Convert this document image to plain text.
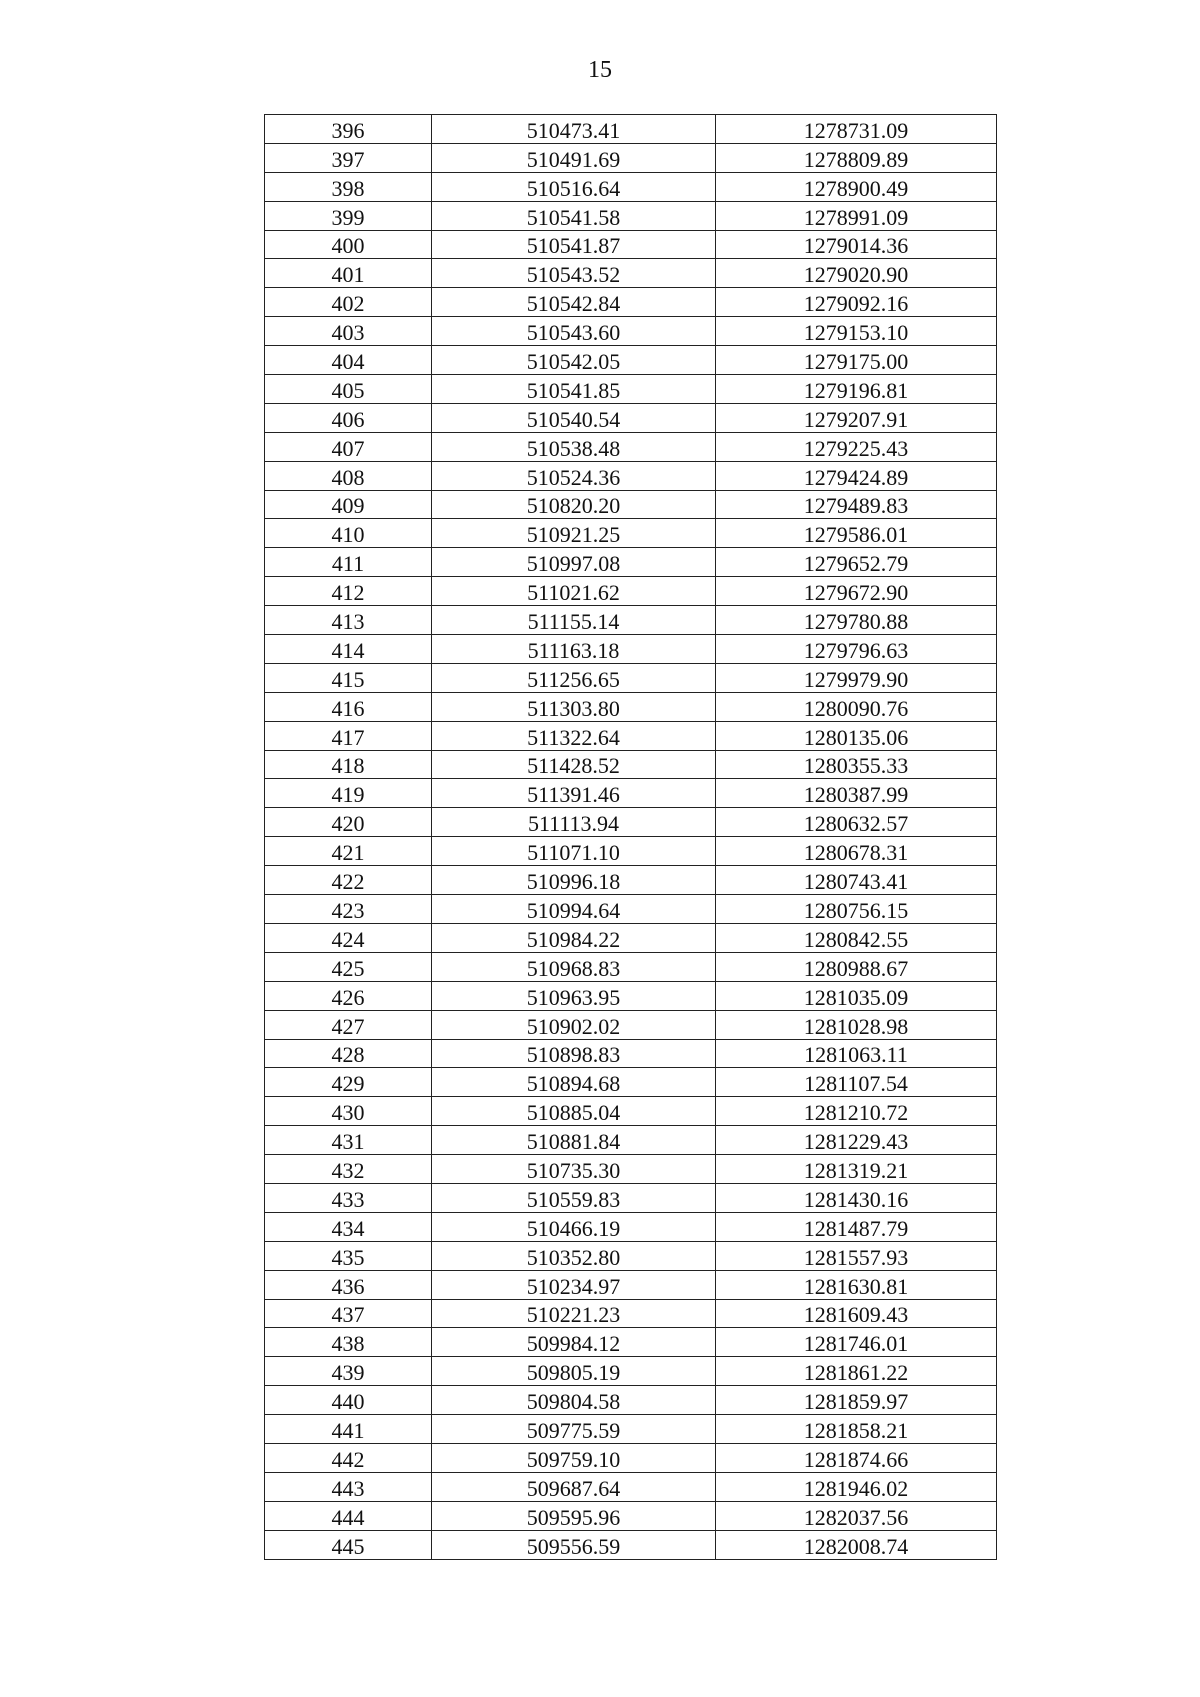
15
396	510473.41	1278731.09
397	510491.69	1278809.89
398	510516.64	1278900.49
399	510541.58	1278991.09
400	510541.87	1279014.36
401	510543.52	1279020.90
402	510542.84	1279092.16
403	510543.60	1279153.10
404	510542.05	1279175.00
405	510541.85	1279196.81
406	510540.54	1279207.91
407	510538.48	1279225.43
408	510524.36	1279424.89
409	510820.20	1279489.83
410	510921.25	1279586.01
411	510997.08	1279652.79
412	511021.62	1279672.90
413	511155.14	1279780.88
414	511163.18	1279796.63
415	511256.65	1279979.90
416	511303.80	1280090.76
417	511322.64	1280135.06
418	511428.52	1280355.33
419	511391.46	1280387.99
420	511113.94	1280632.57
421	511071.10	1280678.31
422	510996.18	1280743.41
423	510994.64	1280756.15
424	510984.22	1280842.55
425	510968.83	1280988.67
426	510963.95	1281035.09
427	510902.02	1281028.98
428	510898.83	1281063.11
429	510894.68	1281107.54
430	510885.04	1281210.72
431	510881.84	1281229.43
432	510735.30	1281319.21
433	510559.83	1281430.16
434	510466.19	1281487.79
435	510352.80	1281557.93
436	510234.97	1281630.81
437	510221.23	1281609.43
438	509984.12	1281746.01
439	509805.19	1281861.22
440	509804.58	1281859.97
441	509775.59	1281858.21
442	509759.10	1281874.66
443	509687.64	1281946.02
444	509595.96	1282037.56
445	509556.59	1282008.74
